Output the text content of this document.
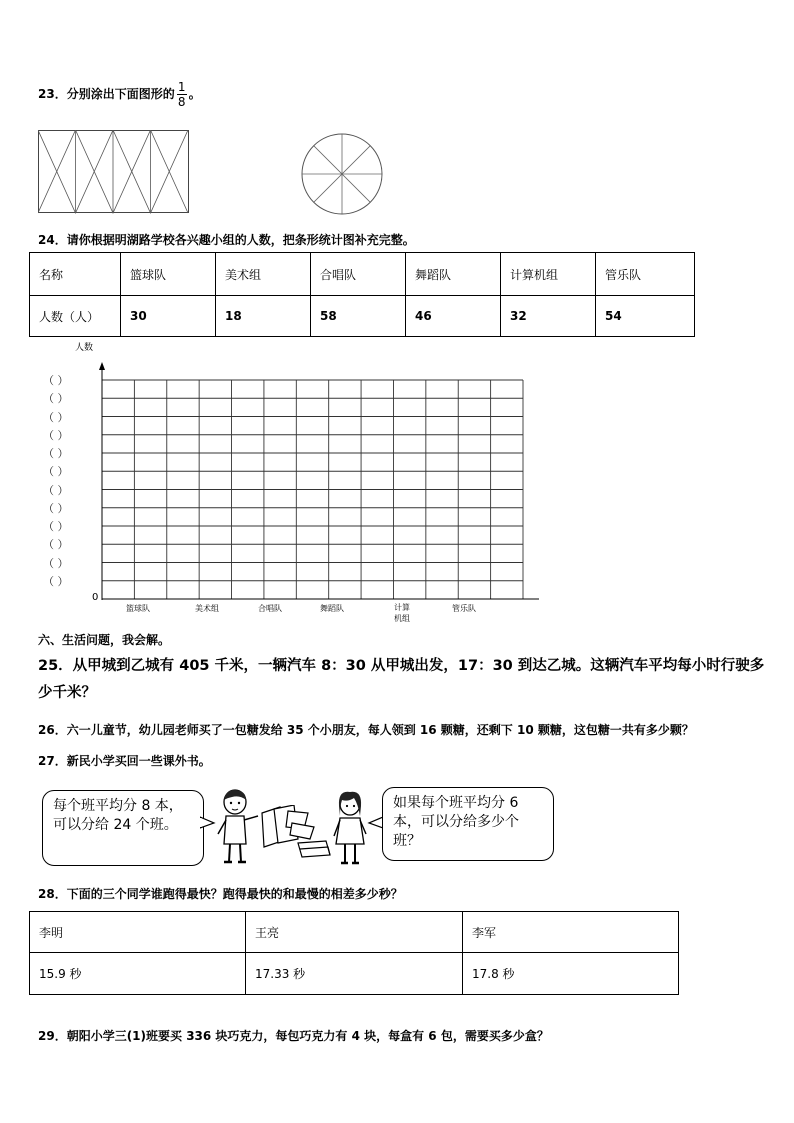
23．分别涂出下面图形的 $\frac{1}{8}$ 。
24．请你根据明湖路学校各兴趣小组的人数，把条形统计图补充完整。
名称	篮球队	美术组	合唱队	舞蹈队	计算机组	管乐队
人数（人）	30	18	58	46	32	54
人数
0
（ ）
（ ）
（ ）
（ ）
（ ）
（ ）
（ ）
（ ）
（ ）
（ ）
（ ）
（ ）
篮球队	美术组	合唱队	舞蹈队	计算
机组
管乐队
六、生活问题，我会解。
25．从甲城到乙城有 405 千米，一辆汽车 8：30 从甲城出发，17：30 到达乙城。这辆汽车平均每小时行驶多少千米？
26．六一儿童节，幼儿园老师买了一包糖发给 35 个小朋友，每人领到 16 颗糖，还剩下 10 颗糖，这包糖一共有多少颗？
27．新民小学买回一些课外书。
每个班平均分 8 本，可以分给 24 个班。
如果每个班平均分 6 本，可以分给多少个班？
28．下面的三个同学谁跑得最快？跑得最快的和最慢的相差多少秒？
李明	王亮	李军
15.9 秒	17.33 秒	17.8 秒
29．朝阳小学三(1)班要买 336 块巧克力，每包巧克力有 4 块，每盒有 6 包，需要买多少盒？
